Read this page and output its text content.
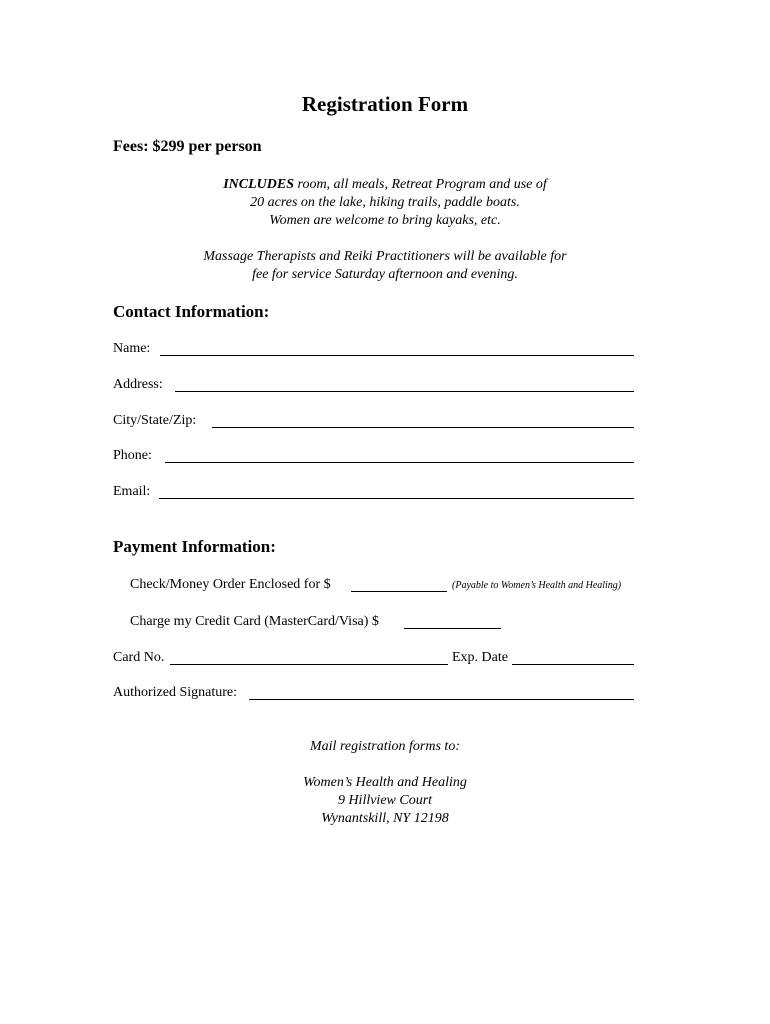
Registration Form
Fees: $299 per person
INCLUDES room, all meals, Retreat Program and use of
20 acres on the lake, hiking trails, paddle boats.
Women are welcome to bring kayaks, etc.
Massage Therapists and Reiki Practitioners will be available for
fee for service Saturday afternoon and evening.
Contact Information:
Name:
Address:
City/State/Zip:
Phone:
Email:
Payment Information:
Check/Money Order Enclosed for $	(Payable to Women’s Health and Healing)
Charge my Credit Card (MasterCard/Visa) $
Card No.	Exp. Date
Authorized Signature:
Mail registration forms to:
Women’s Health and Healing
9 Hillview Court
Wynantskill, NY 12198
